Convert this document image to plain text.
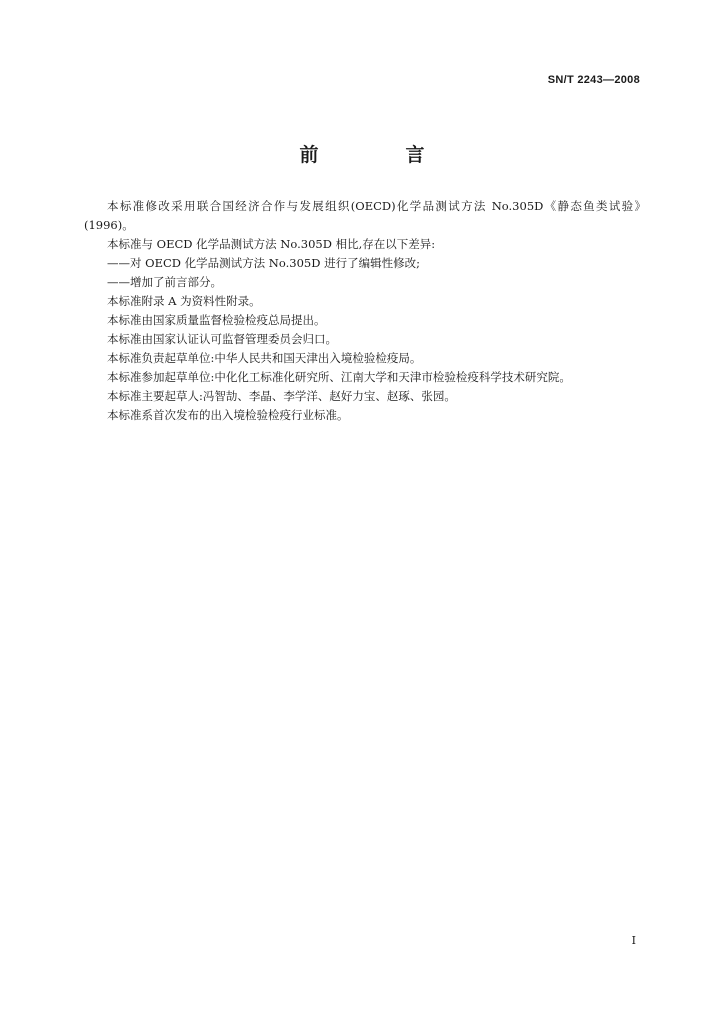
SN/T 2243—2008
前　言

本标准修改采用联合国经济合作与发展组织(OECD)化学品测试方法 No.305D《静态鱼类试验》(1996)。

本标准与 OECD 化学品测试方法 No.305D 相比,存在以下差异:

——对 OECD 化学品测试方法 No.305D 进行了编辑性修改;

——增加了前言部分。

本标准附录 A 为资料性附录。

本标准由国家质量监督检验检疫总局提出。

本标准由国家认证认可监督管理委员会归口。

本标准负责起草单位:中华人民共和国天津出入境检验检疫局。

本标准参加起草单位:中化化工标准化研究所、江南大学和天津市检验检疫科学技术研究院。

本标准主要起草人:冯智劼、李晶、李学洋、赵好力宝、赵琢、张园。

本标准系首次发布的出入境检验检疫行业标准。

I
